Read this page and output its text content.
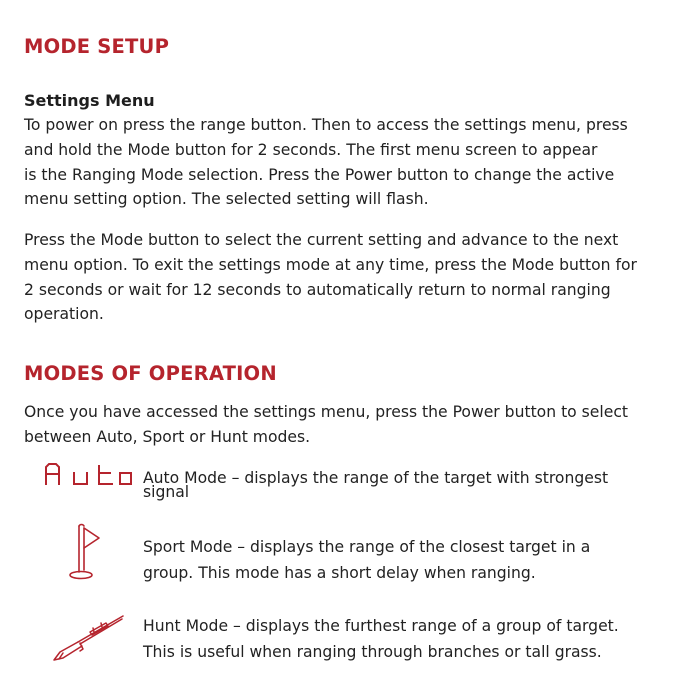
MODE SETUP
Settings Menu

To power on press the range button. Then to access the settings menu, press
and hold the Mode button for 2 seconds. The first menu screen to appear
is the Ranging Mode selection. Press the Power button to change the active
menu setting option. The selected setting will flash.

Press the Mode button to select the current setting and advance to the next
menu option. To exit the settings mode at any time, press the Mode button for
2 seconds or wait for 12 seconds to automatically return to normal ranging
operation.

MODES OF OPERATION

Once you have accessed the settings menu, press the Power button to select
between Auto, Sport or Hunt modes.

Auto Mode – displays the range of the target with strongest
signal
Sport Mode – displays the range of the closest target in a
group. This mode has a short delay when ranging.
Hunt Mode – displays the furthest range of a group of target.
This is useful when ranging through branches or tall grass.
